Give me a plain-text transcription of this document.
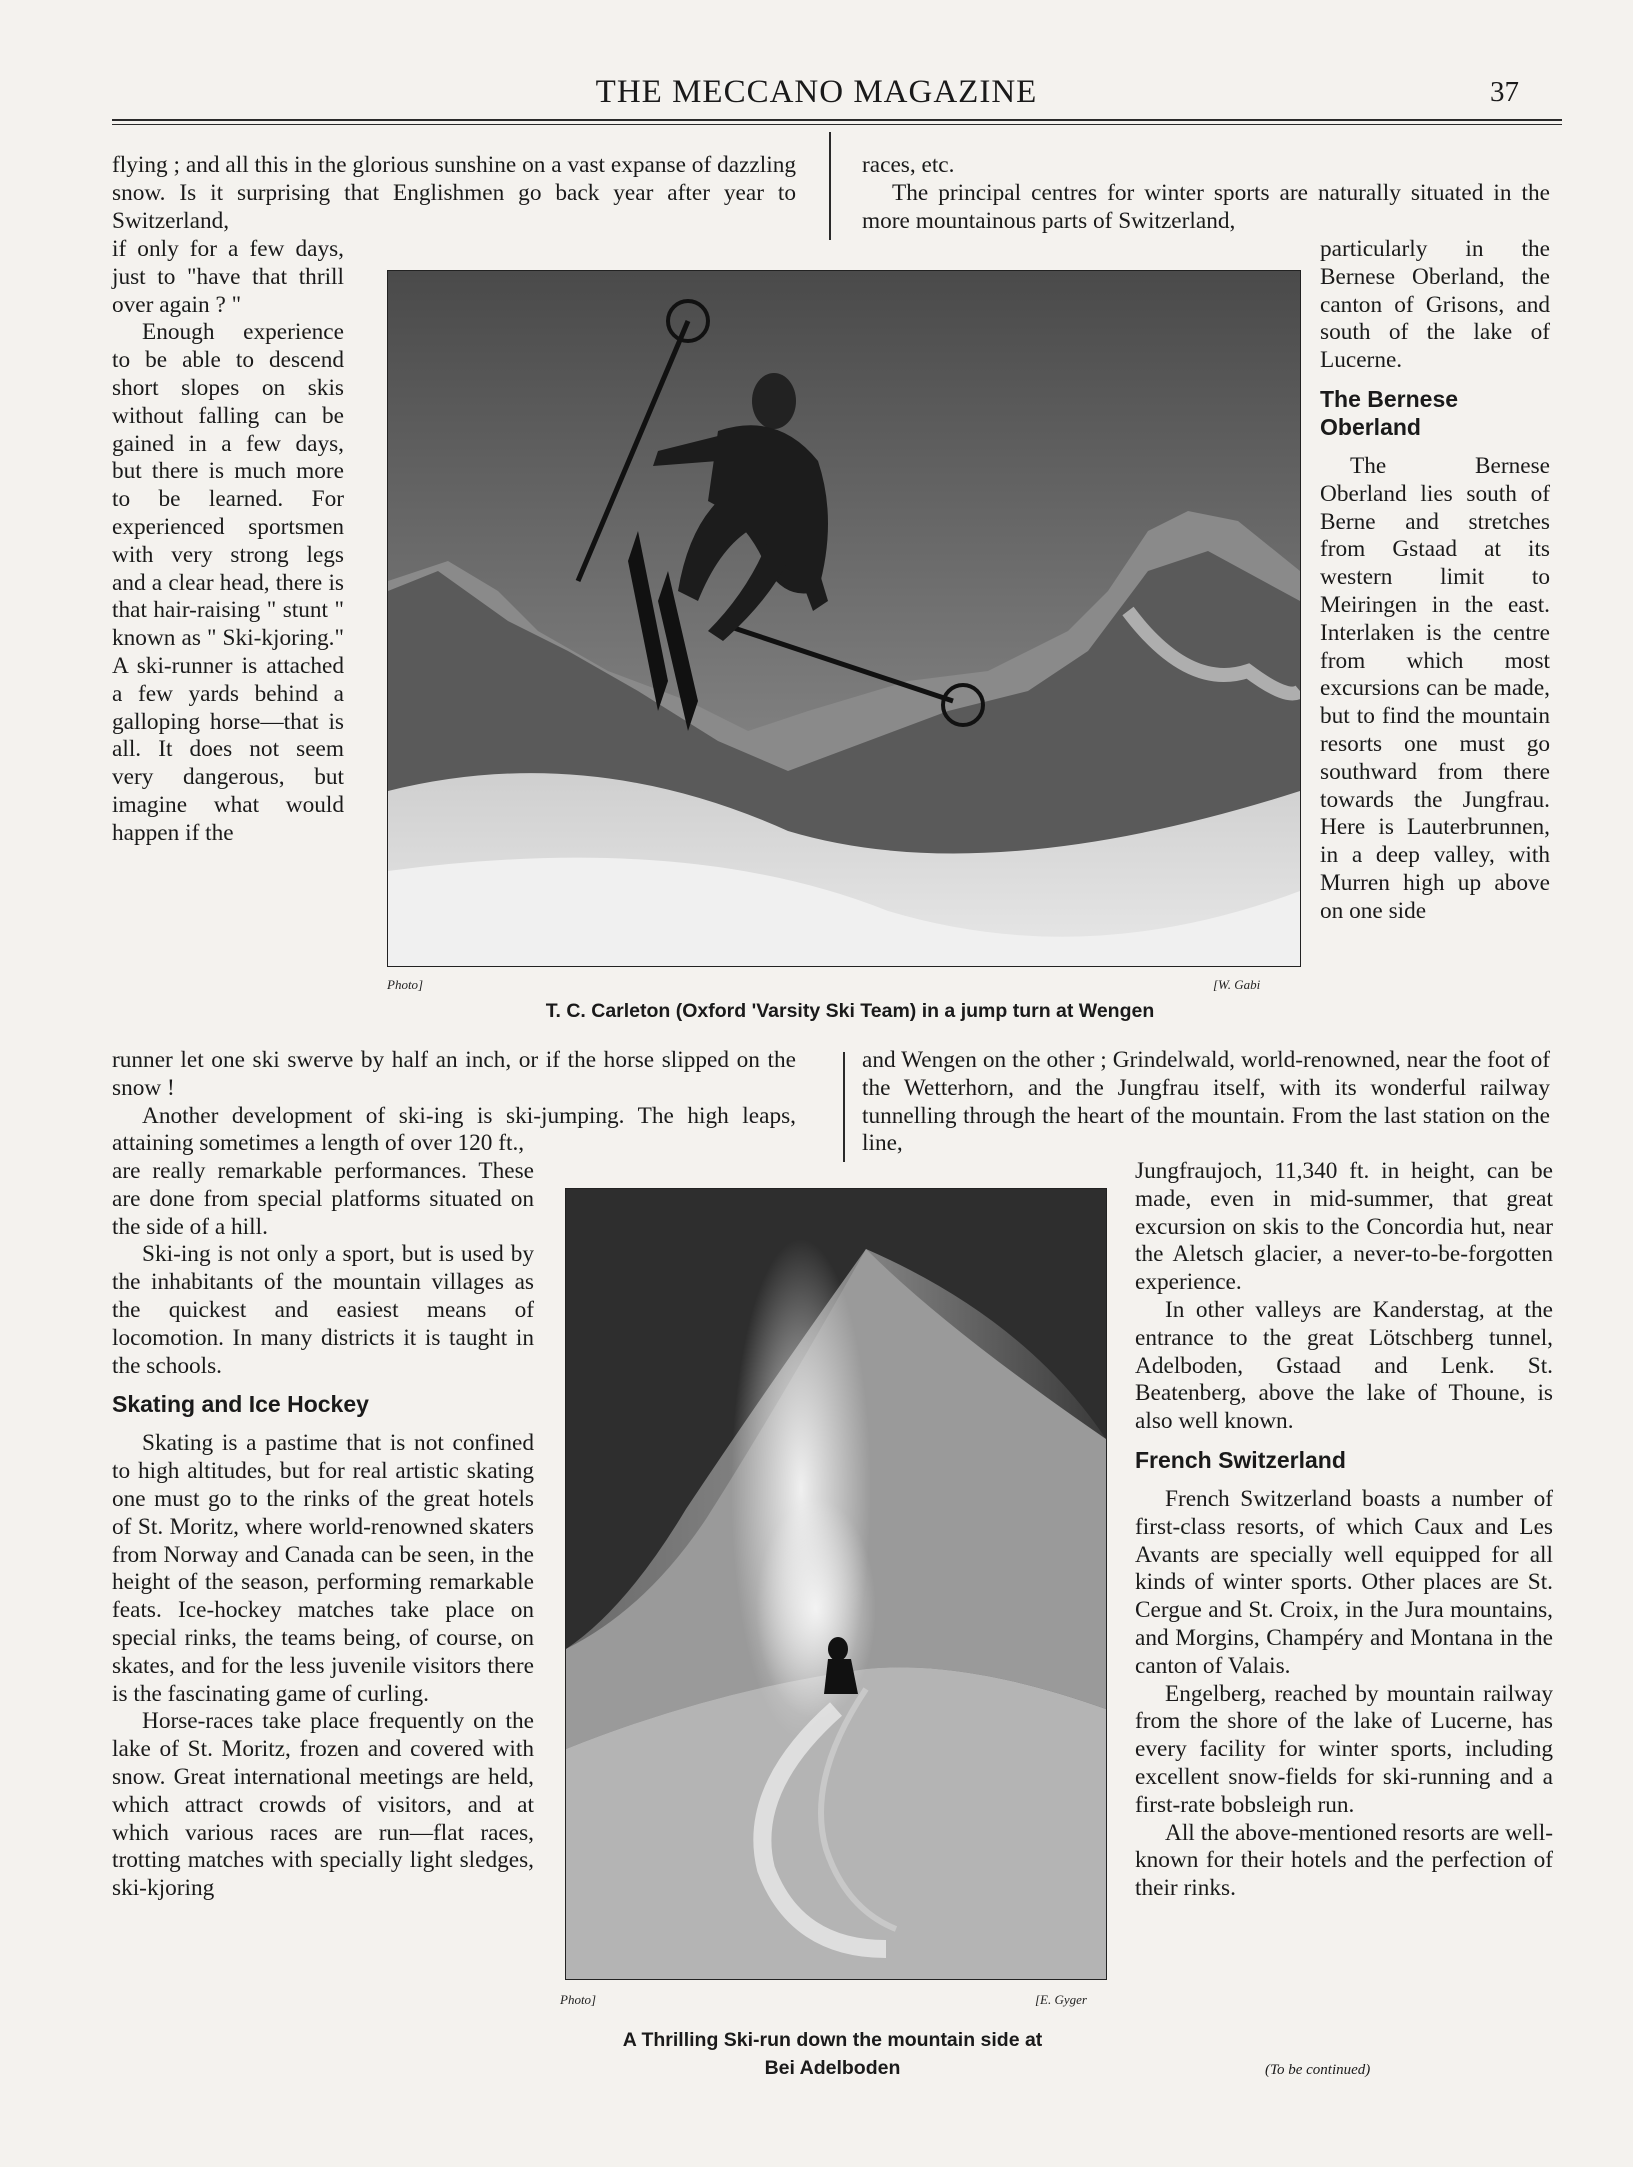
THE MECCANO MAGAZINE	37

flying ; and all this in the glorious sunshine on a vast expanse of dazzling snow. Is it surprising that Englishmen go back year after year to Switzerland,

if only for a few days, just to "have that thrill over again ? "

Enough experience to be able to descend short slopes on skis without falling can be gained in a few days, but there is much more to be learned. For experienced sportsmen with very strong legs and a clear head, there is that hair-raising " stunt " known as " Ski-kjoring." A ski-runner is attached a few yards behind a galloping horse—that is all. It does not seem very dangerous, but imagine what would happen if the

races, etc.

The principal centres for winter sports are naturally situated in the more mountainous parts of Switzerland,

particularly in the Bernese Oberland, the canton of Grisons, and south of the lake of Lucerne.

The Bernese Oberland

The Bernese Oberland lies south of Berne and stretches from Gstaad at its western limit to Meiringen in the east. Interlaken is the centre from which most excursions can be made, but to find the mountain resorts one must go southward from there towards the Jungfrau. Here is Lauterbrunnen, in a deep valley, with Murren high up above on one side

Photo]	[W. Gabi
T. C. Carleton (Oxford 'Varsity Ski Team) in a jump turn at Wengen

runner let one ski swerve by half an inch, or if the horse slipped on the snow !

Another development of ski-ing is ski-jumping. The high leaps, attaining sometimes a length of over 120 ft.,

and Wengen on the other ; Grindelwald, world-renowned, near the foot of the Wetterhorn, and the Jungfrau itself, with its wonderful railway tunnelling through the heart of the mountain. From the last station on the line,

are really remarkable performances. These are done from special platforms situated on the side of a hill.

Ski-ing is not only a sport, but is used by the inhabitants of the mountain villages as the quickest and easiest means of locomotion. In many districts it is taught in the schools.

Skating and Ice Hockey

Skating is a pastime that is not confined to high altitudes, but for real artistic skating one must go to the rinks of the great hotels of St. Moritz, where world-renowned skaters from Norway and Canada can be seen, in the height of the season, performing remarkable feats. Ice-hockey matches take place on special rinks, the teams being, of course, on skates, and for the less juvenile visitors there is the fascinating game of curling.

Horse-races take place frequently on the lake of St. Moritz, frozen and covered with snow. Great international meetings are held, which attract crowds of visitors, and at which various races are run—flat races, trotting matches with specially light sledges, ski-kjoring

Photo]	[E. Gyger
A Thrilling Ski-run down the mountain side at
Bei Adelboden

Jungfraujoch, 11,340 ft. in height, can be made, even in mid-summer, that great excursion on skis to the Concordia hut, near the Aletsch glacier, a never-to-be-forgotten experience.

In other valleys are Kanderstag, at the entrance to the great Lötschberg tunnel, Adelboden, Gstaad and Lenk. St. Beatenberg, above the lake of Thoune, is also well known.

French Switzerland

French Switzerland boasts a number of first-class resorts, of which Caux and Les Avants are specially well equipped for all kinds of winter sports. Other places are St. Cergue and St. Croix, in the Jura mountains, and Morgins, Champéry and Montana in the canton of Valais.

Engelberg, reached by mountain railway from the shore of the lake of Lucerne, has every facility for winter sports, including excellent snow-fields for ski-running and a first-rate bobsleigh run.

All the above-mentioned resorts are well-known for their hotels and the perfection of their rinks.

(To be continued)
